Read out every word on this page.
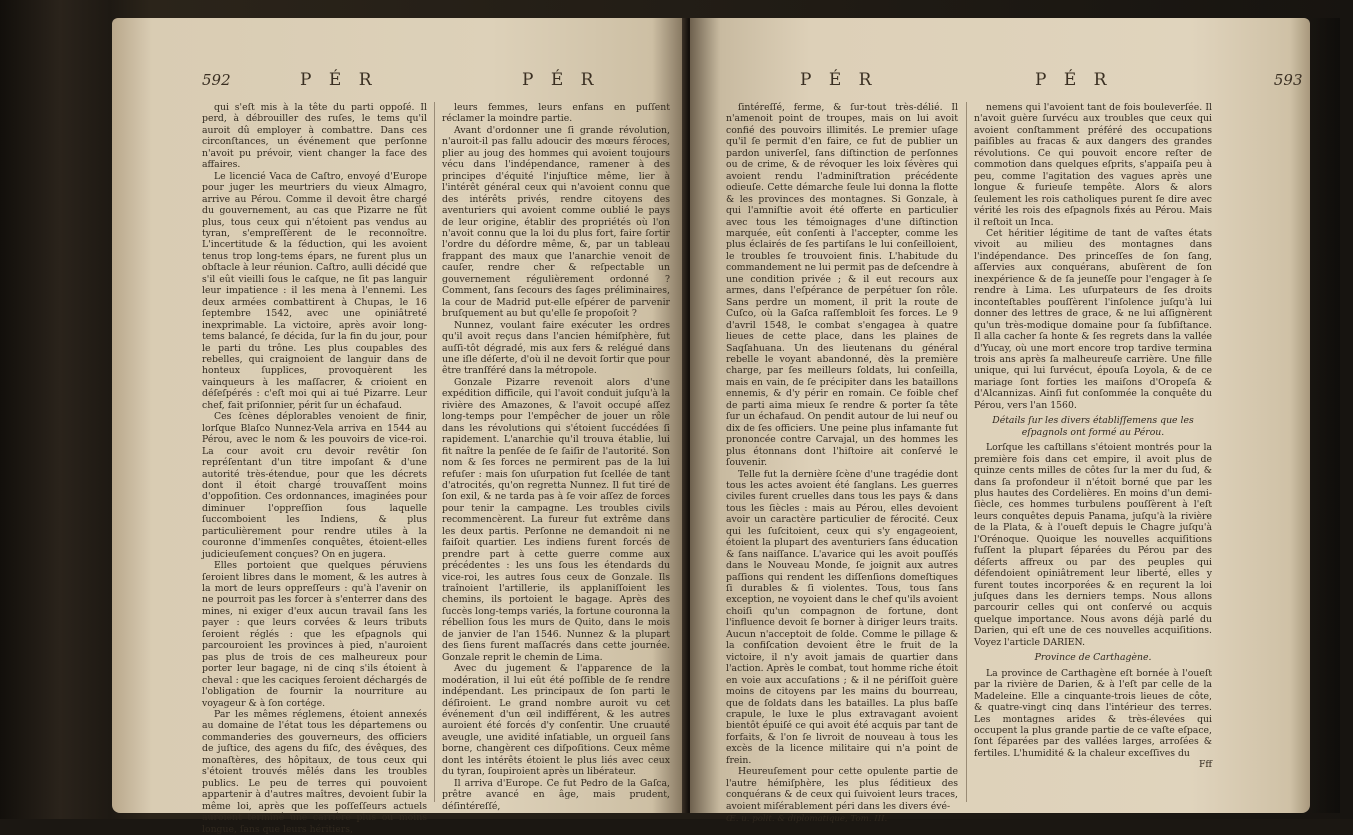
592	P É R	P É R

qui s'eſt mis à la tête du parti oppoſé. Il perd, à débrouiller des ruſes, le tems qu'il auroit dû employer à combattre. Dans ces circonſtances, un événement que perſonne n'avoit pu prévoir, vient changer la face des affaires.

Le licencié Vaca de Caſtro, envoyé d'Europe pour juger les meurtriers du vieux Almagro, arrive au Pérou. Comme il devoit être chargé du gouvernement, au cas que Pizarre ne fût plus, tous ceux qui n'étoient pas vendus au tyran, s'empreſſèrent de le reconnoître. L'incertitude & la ſéduction, qui les avoient tenus trop long-tems épars, ne furent plus un obſtacle à leur réunion. Caſtro, aulli décidé que s'il eût vieilli ſous le caſque, ne ſit pas languir leur impatience : il les mena à l'ennemi. Les deux armées combattirent à Chupas, le 16 ſeptembre 1542, avec une opiniâtreté inexprimable. La victoire, après avoir long-tems balancé, ſe décida, ſur la fin du jour, pour le parti du trône. Les plus coupables des rebelles, qui craignoient de languir dans de honteux ſupplices, provoquèrent les vainqueurs à les maſſacrer, & crioient en déſeſpérés : c'eſt moi qui ai tué Pizarre. Leur chef, fait priſonnier, périt ſur un échafaud.

Ces ſcènes déplorables venoient de finir, lorſque Blaſco Nunnez-Vela arriva en 1544 au Pérou, avec le nom & les pouvoirs de vice-roi. La cour avoit cru devoir revêtir ſon repréſentant d'un titre impoſant & d'une autorité très-étendue, pour que les décrets dont il étoit chargé trouvaſſent moins d'oppoſition. Ces ordonnances, imaginées pour diminuer l'oppreſſion ſous laquelle ſuccomboient les Indiens, & plus particulièrement pour rendre utiles à la couronne d'immenſes conquêtes, étoient-elles judicieuſement conçues? On en jugera.

Elles portoient que quelques péruviens ſeroient libres dans le moment, & les autres à la mort de leurs oppreſſeurs : qu'à l'avenir on ne pourroit pas les forcer à s'enterrer dans des mines, ni exiger d'eux aucun travail ſans les payer : que leurs corvées & leurs tributs ſeroient réglés : que les eſpagnols qui parcouroient les provinces à pied, n'auroient pas plus de trois de ces malheureux pour porter leur bagage, ni de cinq s'ils étoient à cheval : que les caciques ſeroient déchargés de l'obligation de fournir la nourriture au voyageur & à ſon cortége.

Par les mêmes réglemens, étoient annexés au domaine de l'état tous les départemens ou commanderies des gouverneurs, des officiers de juſtice, des agens du fiſc, des évêques, des monaſtères, des hôpitaux, de tous ceux qui s'étoient trouvés mêlés dans les troubles publics. Le peu de terres qui pouvoient appartenir à d'autres maîtres, devoient ſubir la même loi, après que les poſſeſſeurs actuels auroient terminé une carrière plus ou moins longue, ſans que leurs héritiers,

leurs femmes, leurs enfans en puſſent réclamer la moindre partie.

Avant d'ordonner une ſi grande révolution, n'auroit-il pas fallu adoucir des mœurs féroces, plier au joug des hommes qui avoient toujours vécu dans l'indépendance, ramener à des principes d'équité l'injuſtice même, lier à l'intérêt général ceux qui n'avoient connu que des intérêts privés, rendre citoyens des aventuriers qui avoient comme oublié le pays de leur origine, établir des propriétés où l'on n'avoit connu que la loi du plus fort, faire ſortir l'ordre du déſordre même, &, par un tableau frappant des maux que l'anarchie venoit de cauſer, rendre cher & reſpectable un gouvernement régulièrement ordonné ? Comment, ſans ſecours des ſages préliminaires, la cour de Madrid put-elle eſpérer de parvenir bruſquement au but qu'elle ſe propoſoit ?

Nunnez, voulant faire exécuter les ordres qu'il avoit reçus dans l'ancien hémiſphère, fut auſſi-tôt dégradé, mis aux fers & relégué dans une iſle déſerte, d'où il ne devoit ſortir que pour être tranſféré dans la métropole.

Gonzale Pizarre revenoit alors d'une expédition difficile, qui l'avoit conduit juſqu'à la rivière des Amazones, & l'avoit occupé aſſez long-temps pour l'empêcher de jouer un rôle dans les révolutions qui s'étoient ſuccédées ſi rapidement. L'anarchie qu'il trouva établie, lui fit naître la penſée de ſe ſaiſir de l'autorité. Son nom & ſes forces ne permirent pas de la lui refuſer : mais ſon uſurpation fut ſcellée de tant d'atrocités, qu'on regretta Nunnez. Il fut tiré de ſon exil, & ne tarda pas à ſe voir aſſez de forces pour tenir la campagne. Les troubles civils recommencèrent. La fureur fut extrême dans les deux partis. Perſonne ne demandoit ni ne faiſoit quartier. Les indiens furent forcés de prendre part à cette guerre comme aux précédentes : les uns ſous les étendards du vice-roi, les autres ſous ceux de Gonzale. Ils traînoient l'artillerie, ils applaniſſoient les chemins, ils portoient le bagage. Après des ſuccès long-temps variés, la fortune couronna la rébellion ſous les murs de Quito, dans le mois de janvier de l'an 1546. Nunnez & la plupart des ſiens furent maſſacrés dans cette journée. Gonzale reprit le chemin de Lima.

Avec du jugement & l'apparence de la modération, il lui eût été poſſible de ſe rendre indépendant. Les principaux de ſon parti le déſiroient. Le grand nombre auroit vu cet événement d'un œil indifférent, & les autres auroient été forcés d'y conſentir. Une cruauté aveugle, une avidité inſatiable, un orgueil ſans borne, changèrent ces diſpoſitions. Ceux même dont les intérêts étoient le plus liés avec ceux du tyran, ſoupiroient après un libérateur.

Il arriva d'Europe. Ce fut Pedro de la Gaſca, prêtre avancé en âge, mais prudent, déſintéreſſé,

P É R	P É R	593

ſintéreſſé, ferme, & ſur-tout très-délié. Il n'amenoit point de troupes, mais on lui avoit confié des pouvoirs illimités. Le premier uſage qu'il ſe permit d'en faire, ce fut de publier un pardon univerſel, ſans diſtinction de perſonnes ou de crime, & de révoquer les loix ſévères qui avoient rendu l'adminiſtration précédente odieuſe. Cette démarche ſeule lui donna la flotte & les provinces des montagnes. Si Gonzale, à qui l'amniſtie avoit été offerte en particulier avec tous les témoignages d'une diſtinction marquée, eût conſenti à l'accepter, comme les plus éclairés de ſes partiſans le lui conſeilloient, le troubles ſe trouvoient finis. L'habitude du commandement ne lui permit pas de deſcendre à une condition privée ; & il eut recours aux armes, dans l'eſpérance de perpétuer ſon rôle. Sans perdre un moment, il prit la route de Cuſco, où la Gaſca raſſembloit ſes forces. Le 9 d'avril 1548, le combat s'engagea à quatre lieues de cette place, dans les plaines de Saqſahuana. Un des lieutenans du général rebelle le voyant abandonné, dès la première charge, par ſes meilleurs ſoldats, lui conſeilla, mais en vain, de ſe précipiter dans les bataillons ennemis, & d'y périr en romain. Ce foible chef de parti aima mieux ſe rendre & porter ſa tête ſur un échafaud. On pendit autour de lui neuf ou dix de ſes officiers. Une peine plus infamante fut prononcée contre Carvajal, un des hommes les plus étonnans dont l'hiſtoire ait conſervé le ſouvenir.

Telle fut la dernière ſcène d'une tragédie dont tous les actes avoient été ſanglans. Les guerres civiles furent cruelles dans tous les pays & dans tous les ſiècles : mais au Pérou, elles devoient avoir un caractère particulier de férocité. Ceux qui les ſuſcitoient, ceux qui s'y engageoient, étoient la plupart des aventuriers ſans éducation & ſans naiſſance. L'avarice qui les avoit pouſſés dans le Nouveau Monde, ſe joignit aux autres paſſions qui rendent les diſſenſions domeſtiques ſi durables & ſi violentes. Tous, tous ſans exception, ne voyoient dans le chef qu'ils avoient choiſi qu'un compagnon de fortune, dont l'influence devoit ſe borner à diriger leurs traits. Aucun n'acceptoit de ſolde. Comme le pillage & la confiſcation devoient être le fruit de la victoire, il n'y avoit jamais de quartier dans l'action. Après le combat, tout homme riche étoit en voie aux accuſations ; & il ne périſſoit guère moins de citoyens par les mains du bourreau, que de ſoldats dans les batailles. La plus baſſe crapule, le luxe le plus extravagant avoient bientôt épuiſé ce qui avoit été acquis par tant de forfaits, & l'on ſe livroit de nouveau à tous les excès de la licence militaire qui n'a point de frein.

Heureuſement pour cette opulente partie de l'autre hémiſphère, les plus ſéditieux des conquérans & de ceux qui ſuivoient leurs traces, avoient miſérablement péri dans les divers évé-

Œ. u. polit. & diplomatique, Tom. III.

nemens qui l'avoient tant de fois bouleverſée. Il n'avoit guère ſurvécu aux troubles que ceux qui avoient conſtamment préféré des occupations paiſibles au fracas & aux dangers des grandes révolutions. Ce qui pouvoit encore reſter de commotion dans quelques eſprits, s'appaiſa peu à peu, comme l'agitation des vagues après une longue & furieuſe tempête. Alors & alors ſeulement les rois catholiques purent ſe dire avec vérité les rois des eſpagnols fixés au Pérou. Mais il reſtoit un Inca.

Cet héritier légitime de tant de vaſtes états vivoit au milieu des montagnes dans l'indépendance. Des princeſſes de ſon ſang, aſſervies aux conquérans, abuſèrent de ſon inexpérience & de ſa jeuneſſe pour l'engager à ſe rendre à Lima. Les uſurpateurs de ſes droits inconteſtables pouſſèrent l'inſolence juſqu'à lui donner des lettres de grace, & ne lui aſſignèrent qu'un très-modique domaine pour ſa ſubſiſtance. Il alla cacher ſa honte & ſes regrets dans la vallée d'Yucay, où une mort encore trop tardive termina trois ans après ſa malheureuſe carrière. Une fille unique, qui lui ſurvécut, épouſa Loyola, & de ce mariage ſont forties les maiſons d'Oropeſa & d'Alcannizas. Ainſi fut conſommée la conquête du Pérou, vers l'an 1560.

Détails ſur les divers établiſſemens que les eſpagnols ont formé au Pérou.

Lorſque les caſtillans s'étoient montrés pour la première fois dans cet empire, il avoit plus de quinze cents milles de côtes ſur la mer du ſud, & dans ſa profondeur il n'étoit borné que par les plus hautes des Cordelières. En moins d'un demi-ſiècle, ces hommes turbulens pouſſèrent à l'eſt leurs conquêtes depuis Panama, juſqu'à la rivière de la Plata, & à l'oueſt depuis le Chagre juſqu'à l'Orénoque. Quoique les nouvelles acquiſitions fuſſent la plupart ſéparées du Pérou par des déſerts affreux ou par des peuples qui défendoient opiniâtrement leur liberté, elles y furent toutes incorporées & en reçurent la loi juſques dans les derniers temps. Nous allons parcourir celles qui ont conſervé ou acquis quelque importance. Nous avons déjà parlé du Darien, qui eſt une de ces nouvelles acquiſitions. Voyez l'article DARIEN.

Province de Carthagène.

La province de Carthagène eſt bornée à l'oueſt par la rivière de Darien, & à l'eſt par celle de la Madeleine. Elle a cinquante-trois lieues de côte, & quatre-vingt cinq dans l'intérieur des terres. Les montagnes arides & très-élevées qui occupent la plus grande partie de ce vaſte eſpace, ſont ſéparées par des vallées larges, arroſées & fertiles. L'humidité & la chaleur exceſſives du

Fff
